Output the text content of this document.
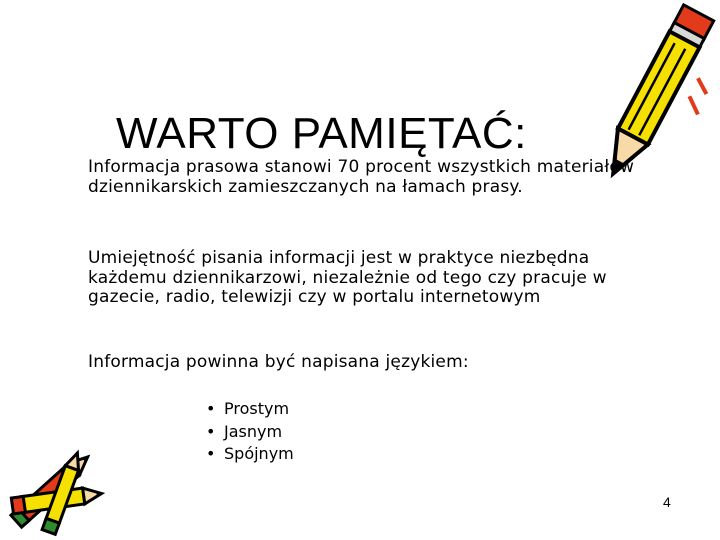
WARTO PAMIĘTAĆ:
Informacja prasowa stanowi 70 procent wszystkich materiałów dziennikarskich zamieszczanych na łamach prasy.
Umiejętność pisania informacji jest w praktyce niezbędna każdemu dziennikarzowi, niezależnie od tego czy pracuje w gazecie, radio, telewizji czy w portalu internetowym
Informacja powinna być napisana językiem:
• Prostym
• Jasnym
• Spójnym
4
